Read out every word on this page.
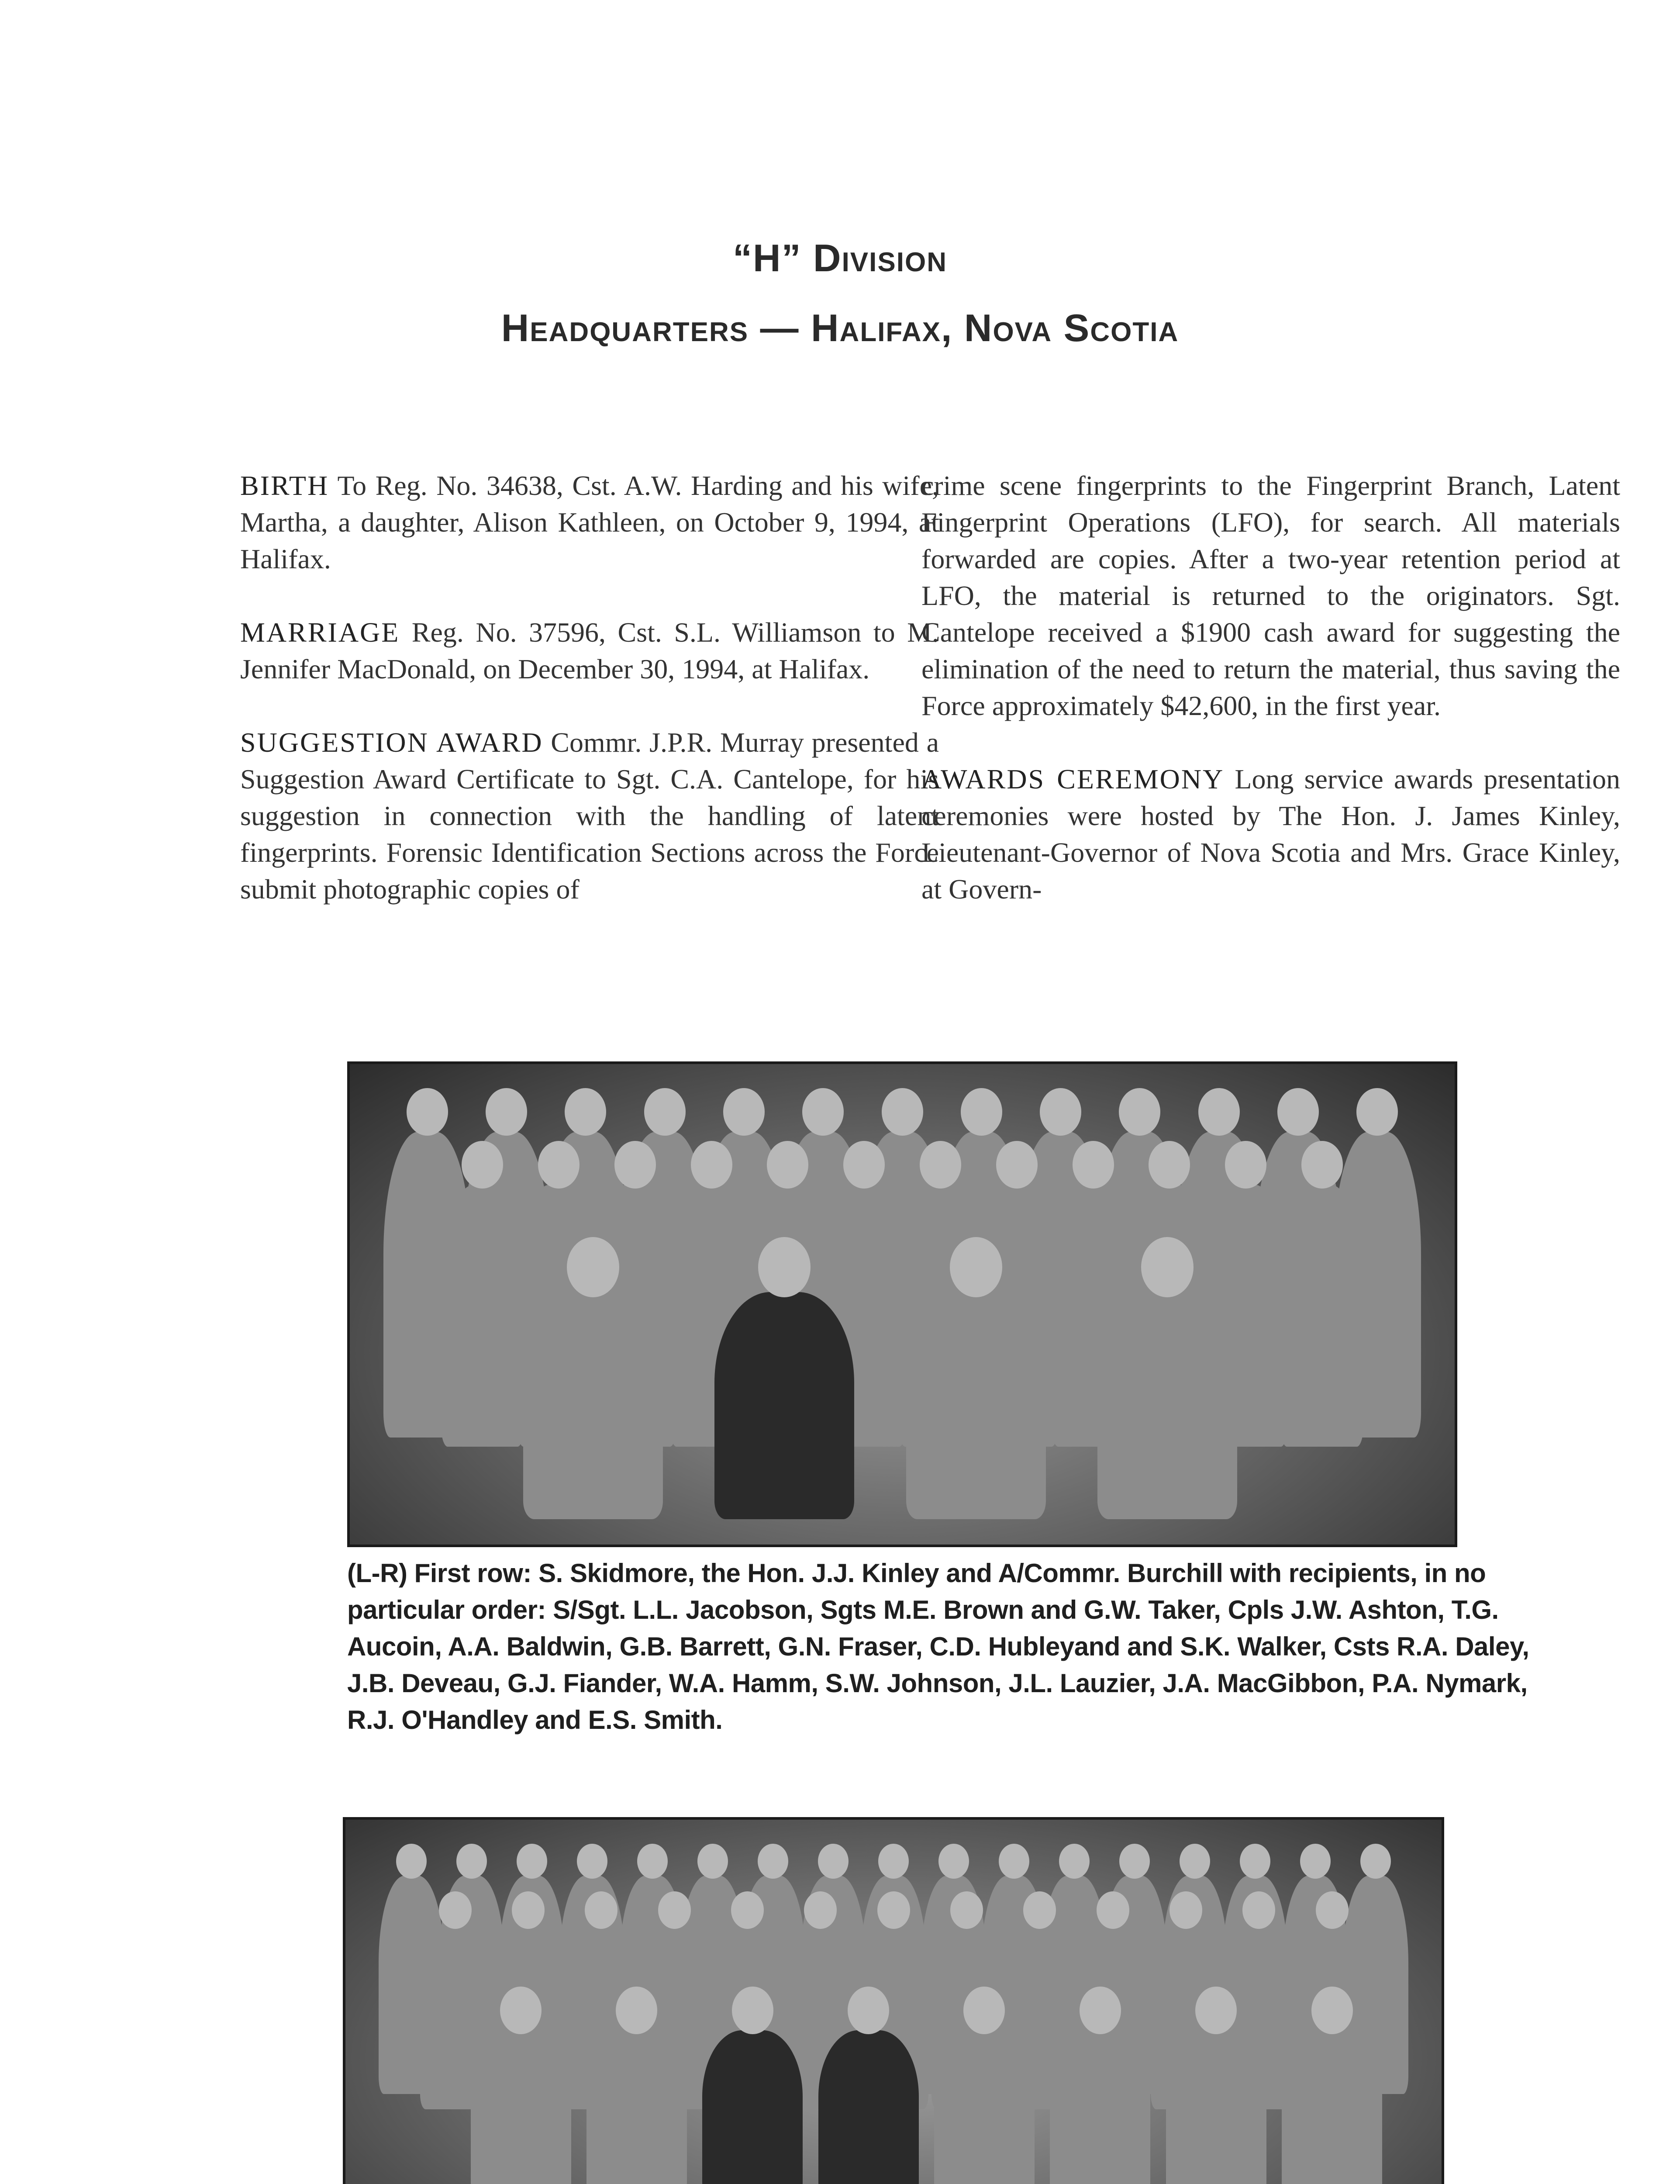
“H” Division
Headquarters — Halifax, Nova Scotia

BIRTH To Reg. No. 34638, Cst. A.W. Harding and his wife, Martha, a daughter, Alison Kathleen, on October 9, 1994, at Halifax.

MARRIAGE Reg. No. 37596, Cst. S.L. Williamson to M. Jennifer MacDonald, on December 30, 1994, at Halifax.

SUGGESTION AWARD Commr. J.P.R. Murray presented a Suggestion Award Certificate to Sgt. C.A. Cantelope, for his suggestion in connection with the handling of latent fingerprints. Forensic Identification Sections across the Force submit photographic copies of

crime scene fingerprints to the Fingerprint Branch, Latent Fingerprint Operations (LFO), for search. All materials forwarded are copies. After a two-year retention period at LFO, the material is returned to the originators. Sgt. Cantelope received a $1900 cash award for suggesting the elimination of the need to return the material, thus saving the Force approximately $42,600, in the first year.

AWARDS CEREMONY Long service awards presentation ceremonies were hosted by The Hon. J. James Kinley, Lieutenant-Governor of Nova Scotia and Mrs. Grace Kinley, at Govern-

(L-R) First row: S. Skidmore, the Hon. J.J. Kinley and A/Commr. Burchill with recipients, in no particular order: S/Sgt. L.L. Jacobson, Sgts M.E. Brown and G.W. Taker, Cpls J.W. Ashton, T.G. Aucoin, A.A. Baldwin, G.B. Barrett, G.N. Fraser, C.D. Hubleyand and S.K. Walker, Csts R.A. Daley, J.B. Deveau, G.J. Fiander, W.A. Hamm, S.W. Johnson, J.L. Lauzier, J.A. MacGibbon, P.A. Nymark, R.J. O'Handley and E.S. Smith.
